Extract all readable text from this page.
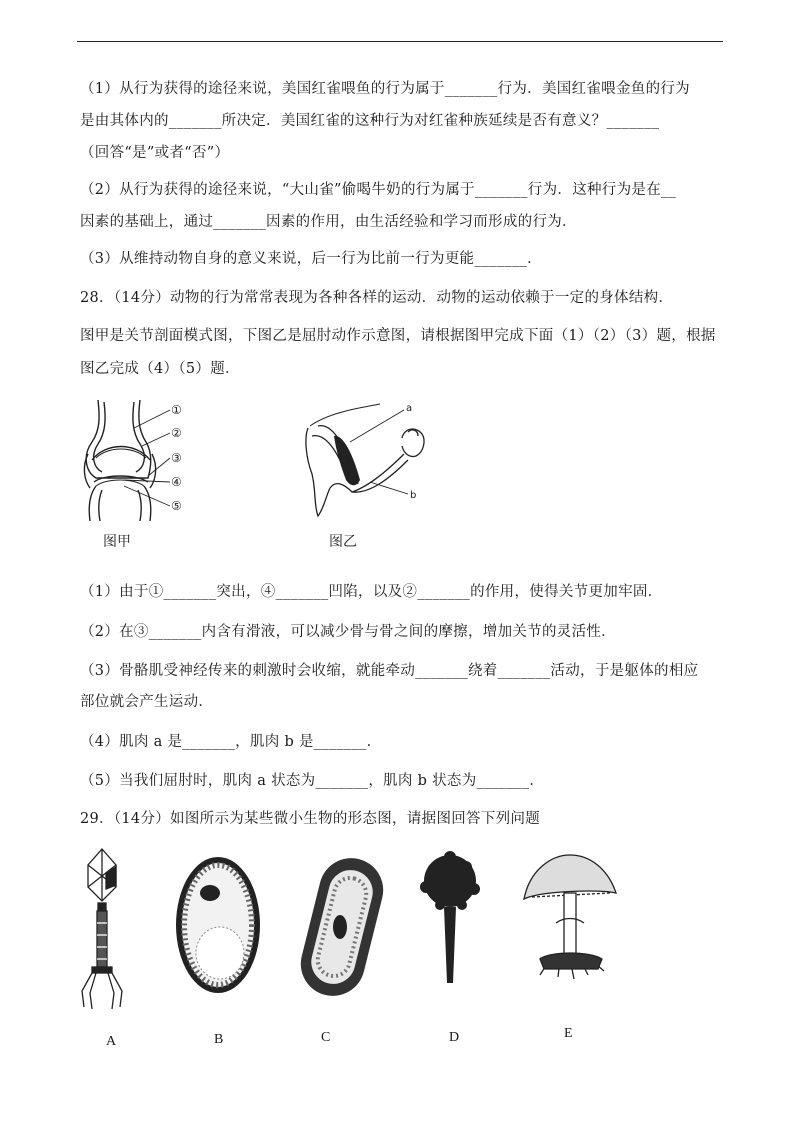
（1）从行为获得的途径来说，美国红雀喂鱼的行为属于_______行为．美国红雀喂金鱼的行为
是由其体内的_______所决定．美国红雀的这种行为对红雀种族延续是否有意义？_______
（回答“是”或者“否”）
（2）从行为获得的途径来说，“大山雀”偷喝牛奶的行为属于_______行为．这种行为是在__
因素的基础上，通过_______因素的作用，由生活经验和学习而形成的行为．
（3）从维持动物自身的意义来说，后一行为比前一行为更能_______．
28．（14分）动物的行为常常表现为各种各样的运动．动物的运动依赖于一定的身体结构．
图甲是关节剖面模式图，下图乙是屈肘动作示意图，请根据图甲完成下面（1）（2）（3）题，根据
图乙完成（4）（5）题．
①
②
③
④
⑤
图甲
a
b
图乙
（1）由于①_______突出，④_______凹陷，以及②_______的作用，使得关节更加牢固．
（2）在③_______内含有滑液，可以减少骨与骨之间的摩擦，增加关节的灵活性．
（3）骨骼肌受神经传来的刺激时会收缩，就能牵动_______绕着_______活动，于是躯体的相应
部位就会产生运动．
（4）肌肉 a 是_______，肌肉 b 是_______．
（5）当我们屈肘时，肌肉 a 状态为_______，肌肉 b 状态为_______．
29．（14分）如图所示为某些微小生物的形态图，请据图回答下列问题
A	B	C	D	E
